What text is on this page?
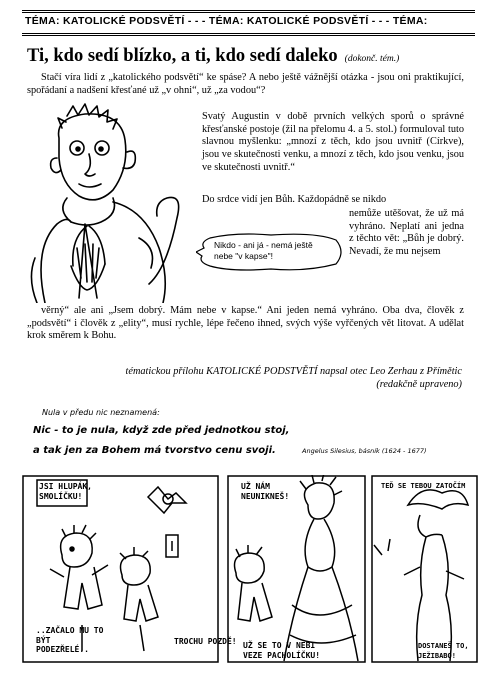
TÉMA: KATOLICKÉ PODSVĚTÍ - - - TÉMA: KATOLICKÉ PODSVĚTÍ - - - TÉMA:
Ti, kdo sedí blízko, a ti, kdo sedí daleko (dokonč. tém.)

Stačí víra lidí z „katolického podsvětí“ ke spáse? A nebo ještě vážnější otázka - jsou oni praktikující, spořádaní a nadšení křesťané už „v ohni“, už „za vodou“?

Svatý Augustin v době prvních velkých sporů o správné křesťanské postoje (žil na přelomu 4. a 5. stol.) formuloval tuto slavnou myšlenku: „mnozí z těch, kdo jsou uvnitř (Církve), jsou ve skutečnosti venku, a mnozí z těch, kdo jsou venku, jsou ve skutečnosti uvnitř.“
Do srdce vidí jen Bůh. Každopádně se nikdo
nemůže utěšovat, že už má vyhráno. Neplatí ani jedna z těchto vět: „Bůh je dobrý. Nevadí, že mu nejsem
Nikdo - ani já - nemá ještě nebe "v kapse"!

věrný“ ale ani „Jsem dobrý. Mám nebe v kapse.“ Ani jeden nemá vyhráno. Oba dva, člověk z „podsvětí“ i člověk z „elity“, musí rychle, lépe řečeno ihned, svých výše vyřčených vět litovat. A udělat krok směrem k Bohu.

tématickou přílohu KATOLICKÉ PODSTVĚTÍ napsal otec Leo Zerhau z Přímětic
(redakčně upraveno)
Nula v předu nic neznamená:
Nic - to je nula, když zde před jednotkou stoj,
a tak jen za Bohem má tvorstvo cenu svoji.	Angelus Silesius, básník (1624 - 1677)
JSI HLUPÁK, SMOLÍČKU!
..ZAČALO MU TO BÝT PODEZŘELÉ..
TROCHU POZDĚ!
UŽ NÁM NEUNIKNEŠ!
UŽ SE TO V NEBI VEZE PACHOLÍČKU!
TEĎ SE TEBOU ZATOČÍM
DOSTANEŠ TO, JEŽIBABO!
